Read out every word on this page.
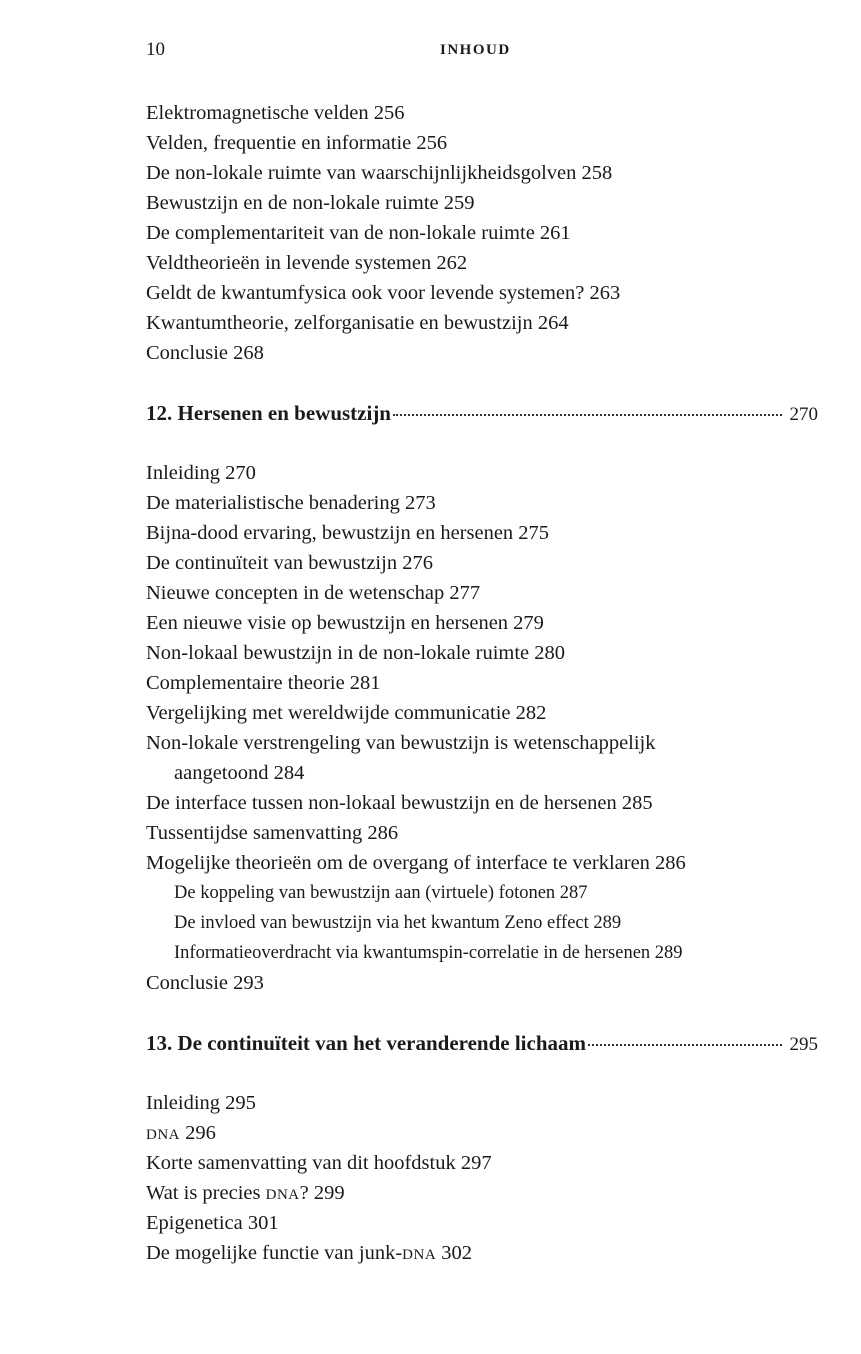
10	INHOUD
Elektromagnetische velden 256
Velden, frequentie en informatie 256
De non-lokale ruimte van waarschijnlijkheidsgolven 258
Bewustzijn en de non-lokale ruimte 259
De complementariteit van de non-lokale ruimte 261
Veldtheorieën in levende systemen 262
Geldt de kwantumfysica ook voor levende systemen? 263
Kwantumtheorie, zelforganisatie en bewustzijn 264
Conclusie 268
12. Hersenen en bewustzijn	270
Inleiding 270
De materialistische benadering 273
Bijna-dood ervaring, bewustzijn en hersenen 275
De continuïteit van bewustzijn 276
Nieuwe concepten in de wetenschap 277
Een nieuwe visie op bewustzijn en hersenen 279
Non-lokaal bewustzijn in de non-lokale ruimte 280
Complementaire theorie 281
Vergelijking met wereldwijde communicatie 282
Non-lokale verstrengeling van bewustzijn is wetenschappelijk
aangetoond 284
De interface tussen non-lokaal bewustzijn en de hersenen 285
Tussentijdse samenvatting 286
Mogelijke theorieën om de overgang of interface te verklaren 286
De koppeling van bewustzijn aan (virtuele) fotonen 287
De invloed van bewustzijn via het kwantum Zeno effect 289
Informatieoverdracht via kwantumspin-correlatie in de hersenen 289
Conclusie 293
13. De continuïteit van het veranderende lichaam	295
Inleiding 295
DNA 296
Korte samenvatting van dit hoofdstuk 297
Wat is precies DNA? 299
Epigenetica 301
De mogelijke functie van junk-DNA 302
